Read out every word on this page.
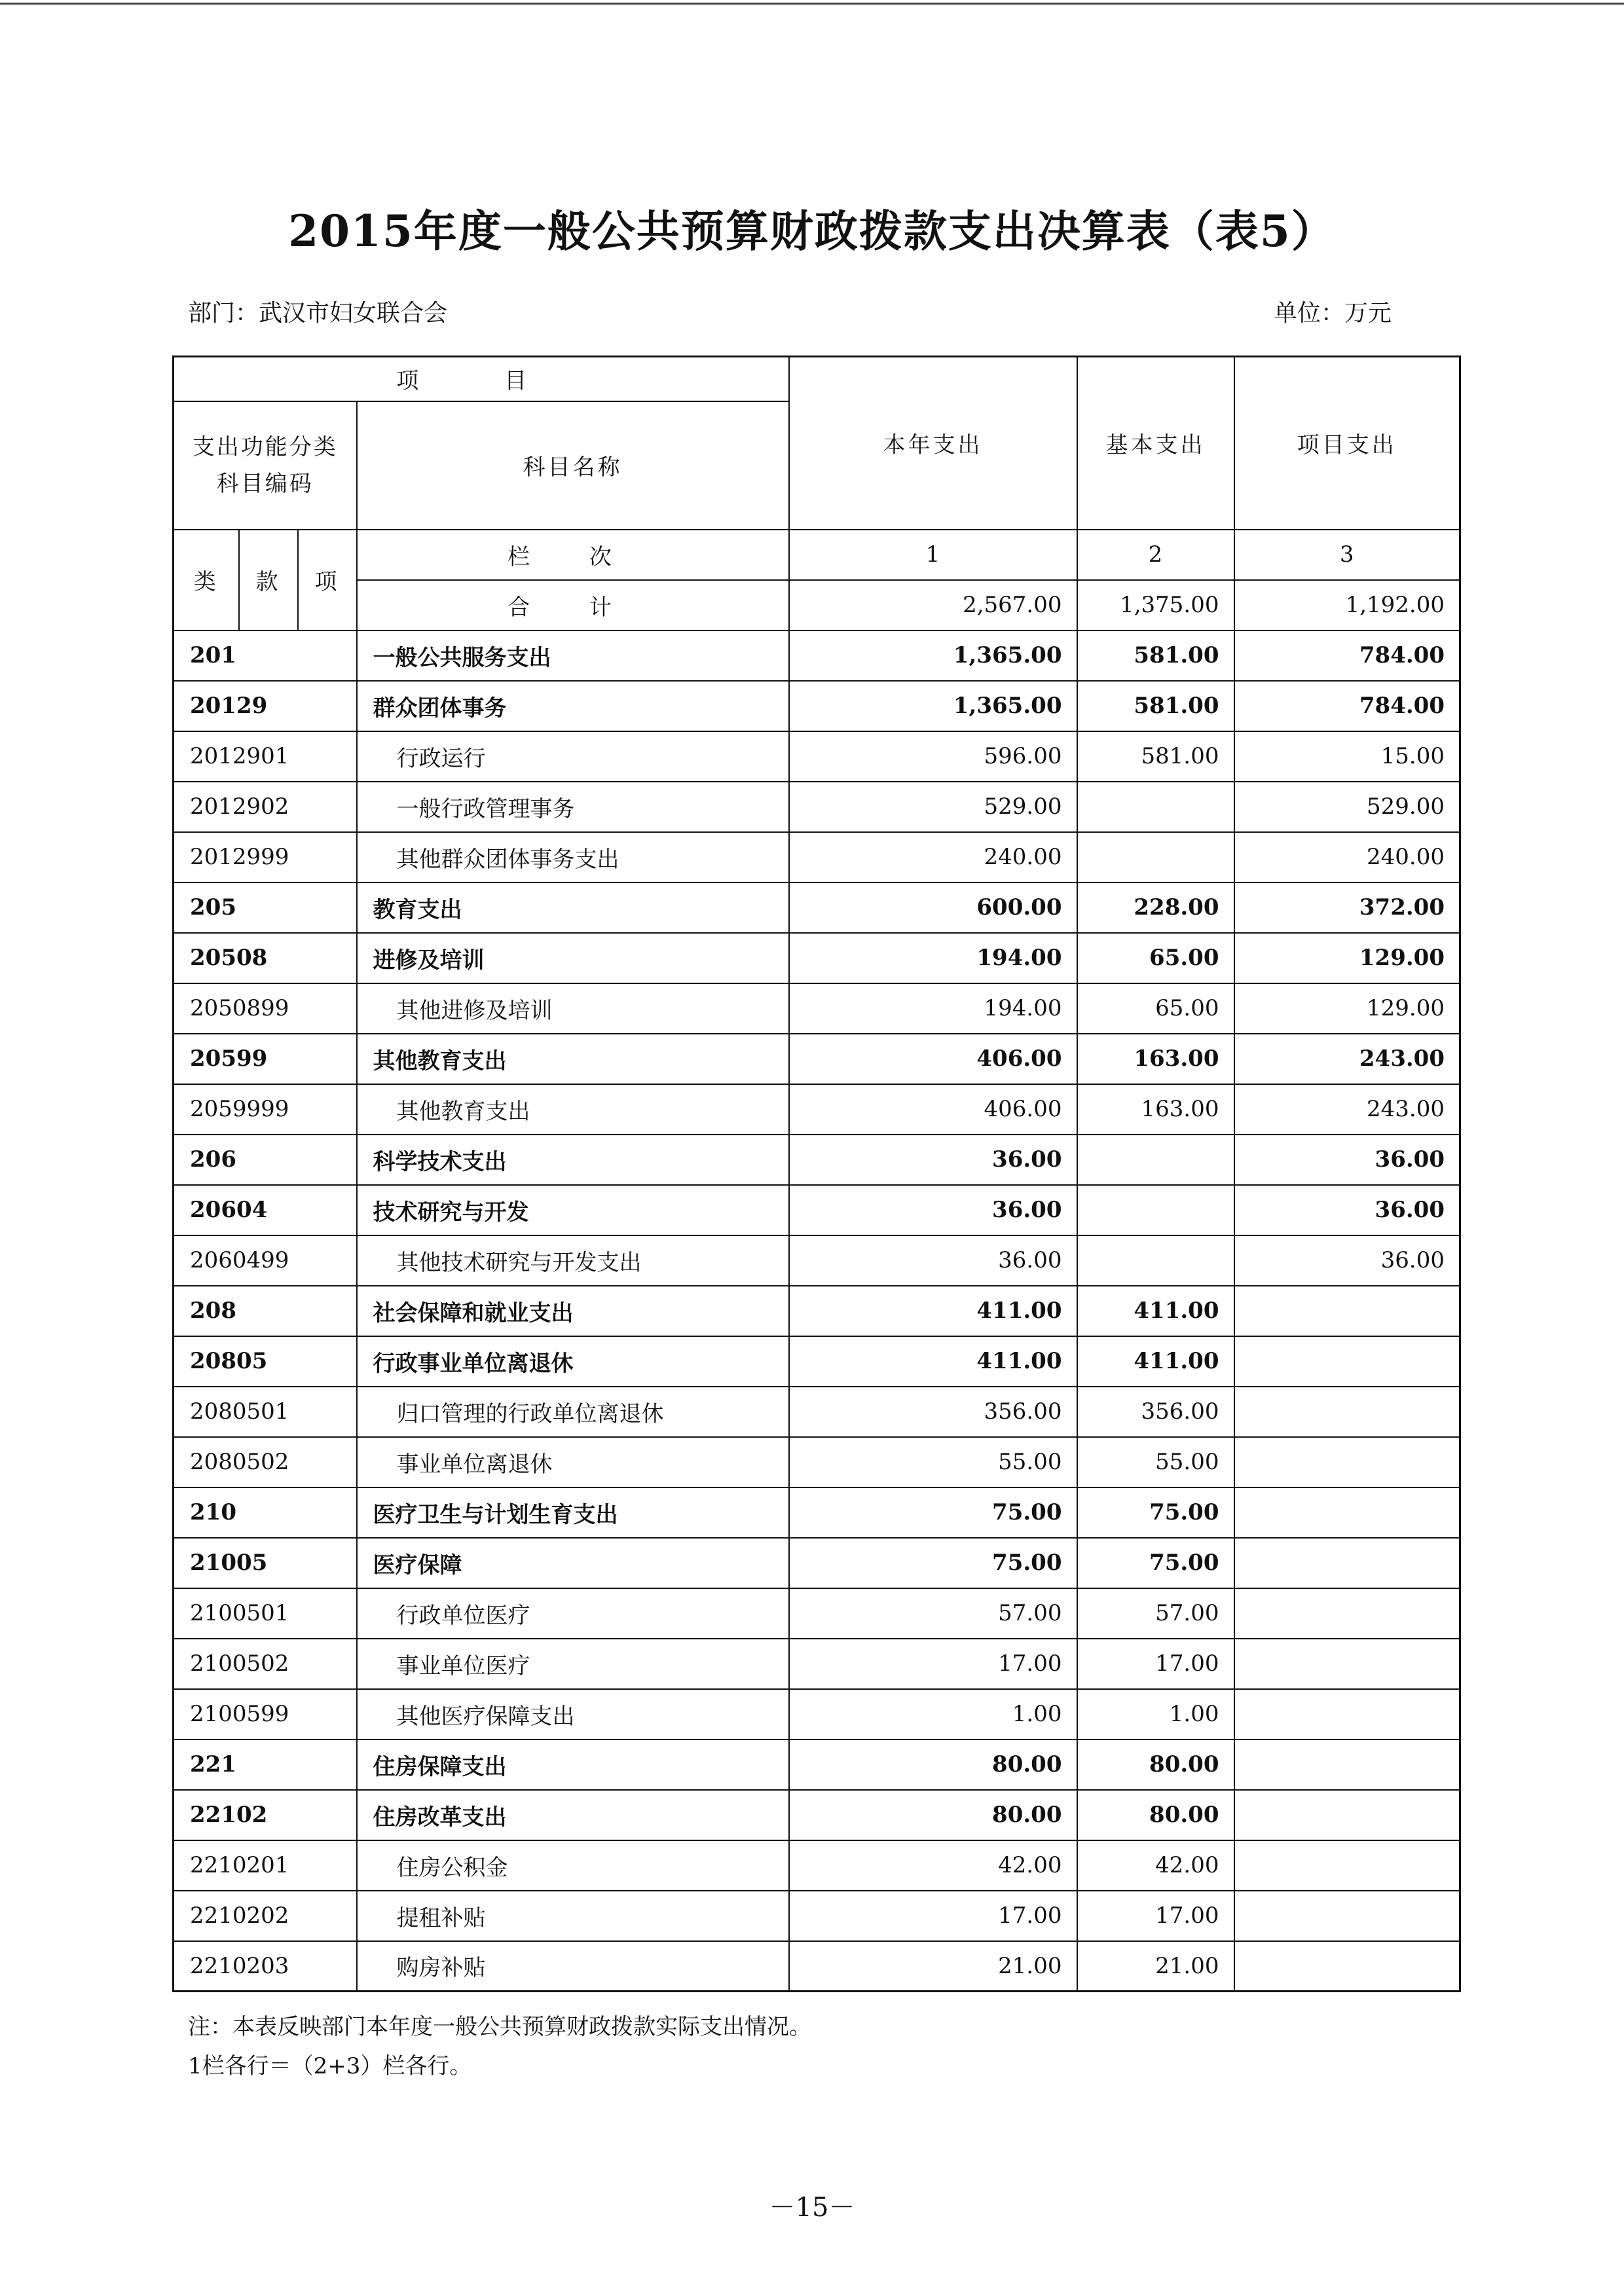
2015年度一般公共预算财政拨款支出决算表（表5）
部门：武汉市妇女联合会	单位：万元
项 目				本年支出	基本支出	项目支出
支出功能分类科目编码			科目名称			
类	款	项	栏 次	1	2	3
			合 计	2,567.00	1,375.00	1,192.00
201			一般公共服务支出	1,365.00	581.00	784.00
20129			群众团体事务	1,365.00	581.00	784.00
2012901			行政运行	596.00	581.00	15.00
2012902			一般行政管理事务	529.00		529.00
2012999			其他群众团体事务支出	240.00		240.00
205			教育支出	600.00	228.00	372.00
20508			进修及培训	194.00	65.00	129.00
2050899			其他进修及培训	194.00	65.00	129.00
20599			其他教育支出	406.00	163.00	243.00
2059999			其他教育支出	406.00	163.00	243.00
206			科学技术支出	36.00		36.00
20604			技术研究与开发	36.00		36.00
2060499			其他技术研究与开发支出	36.00		36.00
208			社会保障和就业支出	411.00	411.00	
20805			行政事业单位离退休	411.00	411.00	
2080501			归口管理的行政单位离退休	356.00	356.00	
2080502			事业单位离退休	55.00	55.00	
210			医疗卫生与计划生育支出	75.00	75.00	
21005			医疗保障	75.00	75.00	
2100501			行政单位医疗	57.00	57.00	
2100502			事业单位医疗	17.00	17.00	
2100599			其他医疗保障支出	1.00	1.00	
221			住房保障支出	80.00	80.00	
22102			住房改革支出	80.00	80.00	
2210201			住房公积金	42.00	42.00	
2210202			提租补贴	17.00	17.00	
2210203			购房补贴	21.00	21.00	
注：本表反映部门本年度一般公共预算财政拨款实际支出情况。
1栏各行＝（2+3）栏各行。
－15－
